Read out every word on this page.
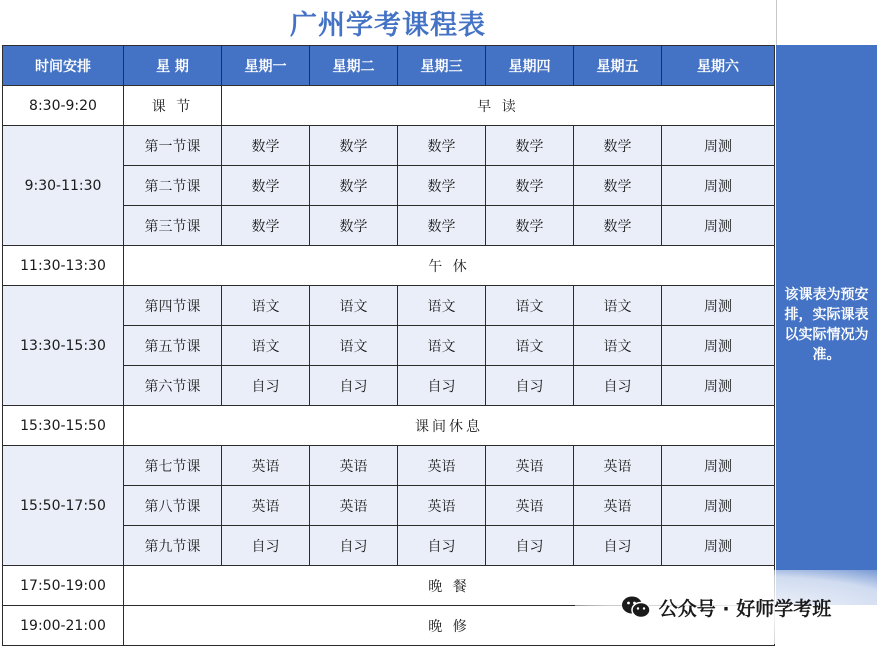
广州学考课程表
时间安排	星 期	星期一	星期二	星期三	星期四	星期五	星期六
8:30-9:20	课 节	早 读					
9:30-11:30	第一节课	数学	数学	数学	数学	数学	周测
	第二节课	数学	数学	数学	数学	数学	周测
	第三节课	数学	数学	数学	数学	数学	周测
11:30-13:30	午 休						
13:30-15:30	第四节课	语文	语文	语文	语文	语文	周测
	第五节课	语文	语文	语文	语文	语文	周测
	第六节课	自习	自习	自习	自习	自习	周测
15:30-15:50	课间休息						
15:50-17:50	第七节课	英语	英语	英语	英语	英语	周测
	第八节课	英语	英语	英语	英语	英语	周测
	第九节课	自习	自习	自习	自习	自习	周测
17:50-19:00	晚 餐						
19:00-21:00	晚 修						
该课表为预安排，实际课表以实际情况为准。
公众号 · 好师学考班
